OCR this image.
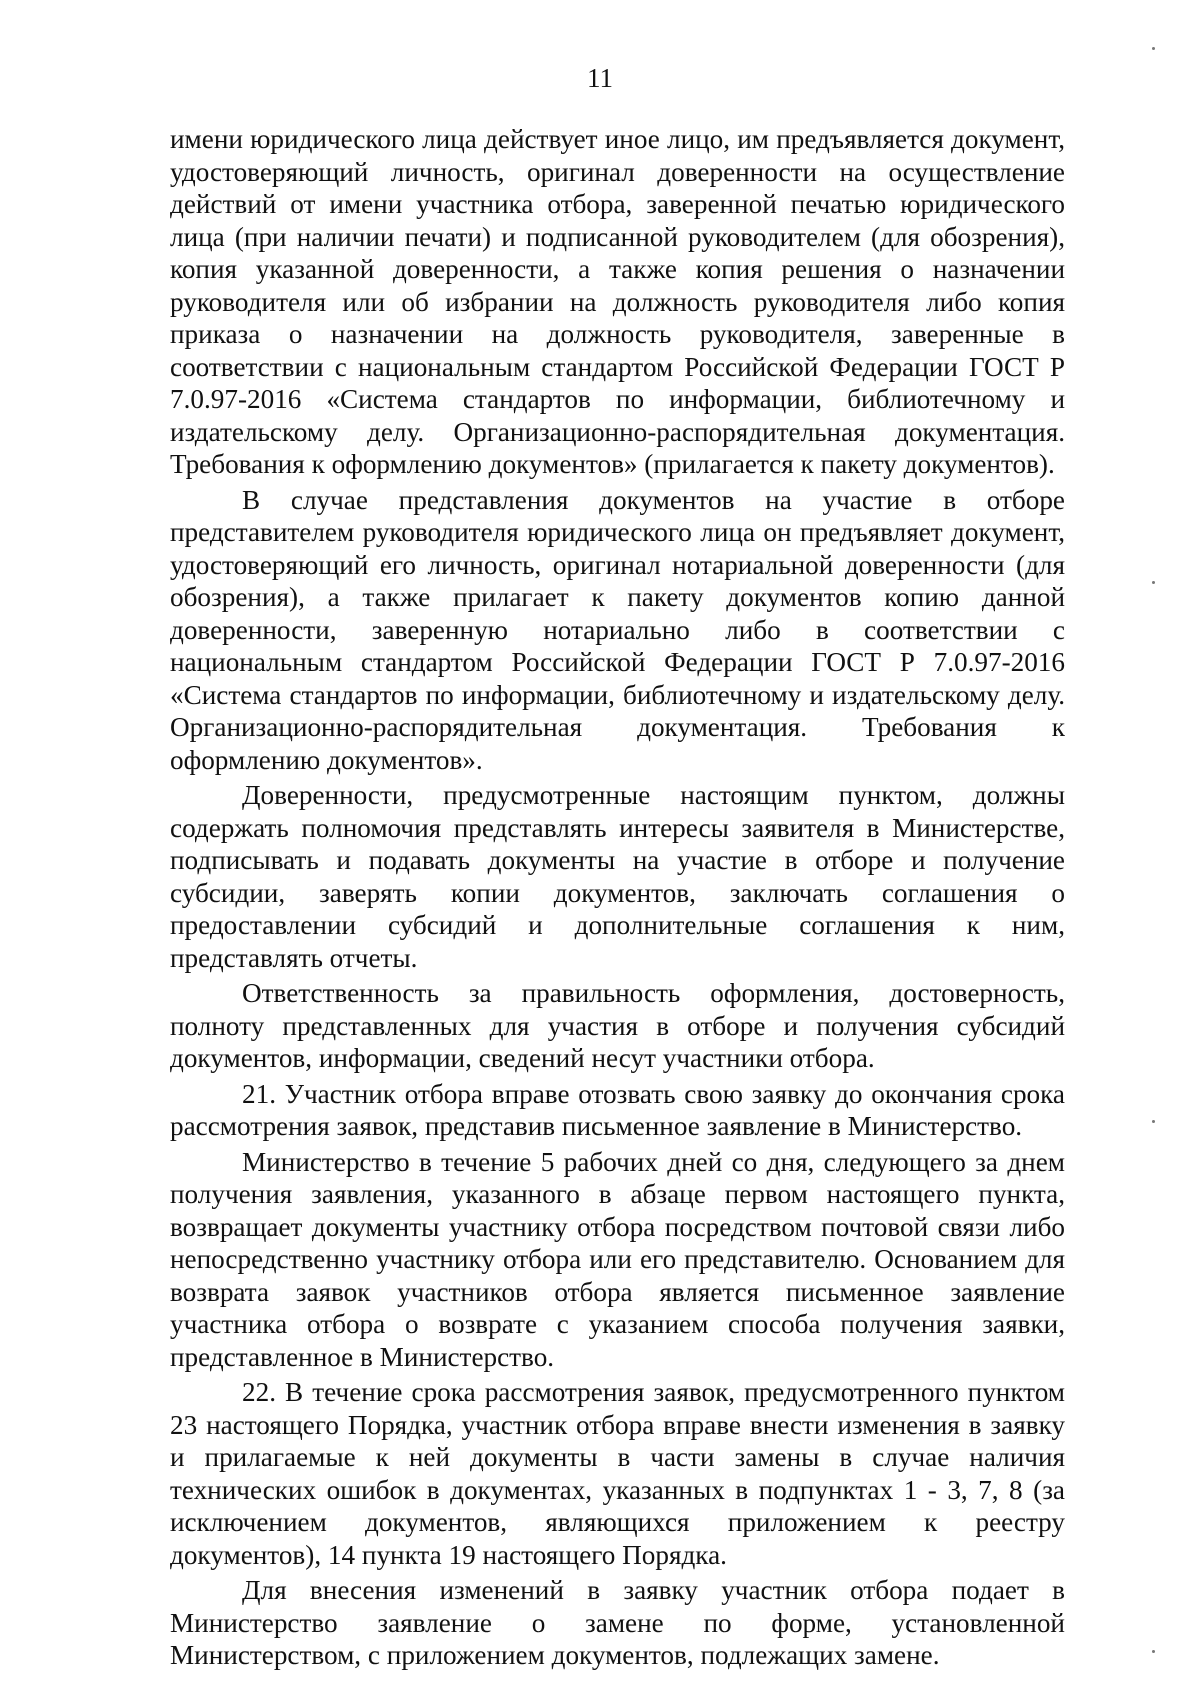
11

имени юридического лица действует иное лицо, им предъявляется документ, удостоверяющий личность, оригинал доверенности на осуществление действий от имени участника отбора, заверенной печатью юридического лица (при наличии печати) и подписанной руководителем (для обозрения), копия указанной доверенности, а также копия решения о назначении руководителя или об избрании на должность руководителя либо копия приказа о назначении на должность руководителя, заверенные в соответствии с национальным стандартом Российской Федерации ГОСТ Р 7.0.97-2016 «Система стандартов по информации, библиотечному и издательскому делу. Организационно-распорядительная документация. Требования к оформлению документов» (прилагается к пакету документов).

В случае представления документов на участие в отборе представителем руководителя юридического лица он предъявляет документ, удостоверяющий его личность, оригинал нотариальной доверенности (для обозрения), а также прилагает к пакету документов копию данной доверенности, заверенную нотариально либо в соответствии с национальным стандартом Российской Федерации ГОСТ Р 7.0.97-2016 «Система стандартов по информации, библиотечному и издательскому делу. Организационно-распорядительная документация. Требования к оформлению документов».

Доверенности, предусмотренные настоящим пунктом, должны содержать полномочия представлять интересы заявителя в Министерстве, подписывать и подавать документы на участие в отборе и получение субсидии, заверять копии документов, заключать соглашения о предоставлении субсидий и дополнительные соглашения к ним, представлять отчеты.

Ответственность за правильность оформления, достоверность, полноту представленных для участия в отборе и получения субсидий документов, информации, сведений несут участники отбора.

21. Участник отбора вправе отозвать свою заявку до окончания срока рассмотрения заявок, представив письменное заявление в Министерство.

Министерство в течение 5 рабочих дней со дня, следующего за днем получения заявления, указанного в абзаце первом настоящего пункта, возвращает документы участнику отбора посредством почтовой связи либо непосредственно участнику отбора или его представителю. Основанием для возврата заявок участников отбора является письменное заявление участника отбора о возврате с указанием способа получения заявки, представленное в Министерство.

22. В течение срока рассмотрения заявок, предусмотренного пунктом 23 настоящего Порядка, участник отбора вправе внести изменения в заявку и прилагаемые к ней документы в части замены в случае наличия технических ошибок в документах, указанных в подпунктах 1 - 3, 7, 8 (за исключением документов, являющихся приложением к реестру документов), 14 пункта 19 настоящего Порядка.

Для внесения изменений в заявку участник отбора подает в Министерство заявление о замене по форме, установленной Министерством, с приложением документов, подлежащих замене.
